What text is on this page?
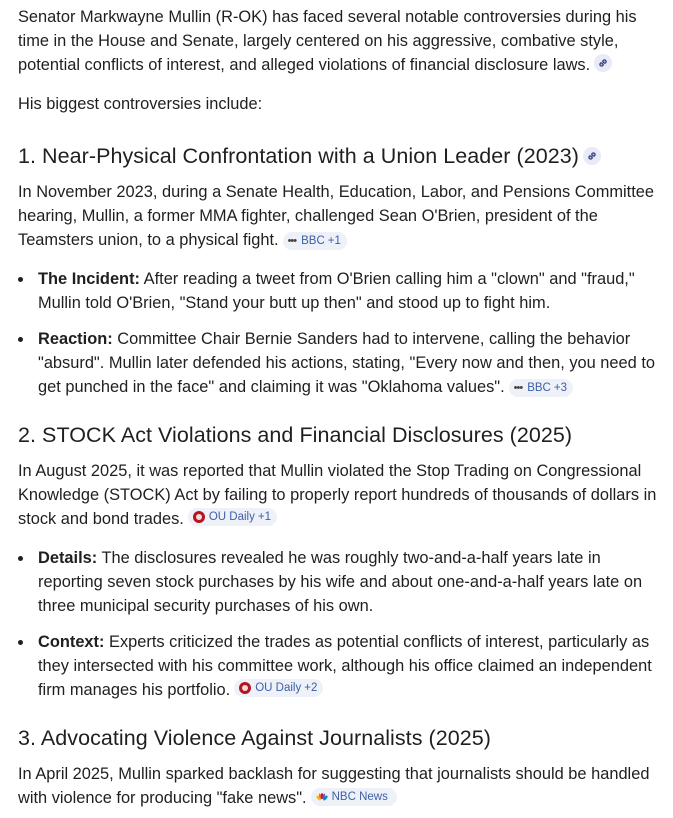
Senator Markwayne Mullin (R-OK) has faced several notable controversies during his time in the House and Senate, largely centered on his aggressive, combative style, potential conflicts of interest, and alleged violations of financial disclosure laws.

His biggest controversies include:

1. Near-Physical Confrontation with a Union Leader (2023)

In November 2023, during a Senate Health, Education, Labor, and Pensions Committee hearing, Mullin, a former MMA fighter, challenged Sean O'Brien, president of the Teamsters union, to a physical fight. ••• BBC +1

The Incident: After reading a tweet from O'Brien calling him a "clown" and "fraud," Mullin told O'Brien, "Stand your butt up then" and stood up to fight him.
Reaction: Committee Chair Bernie Sanders had to intervene, calling the behavior "absurd". Mullin later defended his actions, stating, "Every now and then, you need to get punched in the face" and claiming it was "Oklahoma values". ••• BBC +3
2. STOCK Act Violations and Financial Disclosures (2025)

In August 2025, it was reported that Mullin violated the Stop Trading on Congressional Knowledge (STOCK) Act by failing to properly report hundreds of thousands of dollars in stock and bond trades. OU Daily +1

Details: The disclosures revealed he was roughly two-and-a-half years late in reporting seven stock purchases by his wife and about one-and-a-half years late on three municipal security purchases of his own.
Context: Experts criticized the trades as potential conflicts of interest, particularly as they intersected with his committee work, although his office claimed an independent firm manages his portfolio. OU Daily +2
3. Advocating Violence Against Journalists (2025)

In April 2025, Mullin sparked backlash for suggesting that journalists should be handled with violence for producing "fake news". NBC News
